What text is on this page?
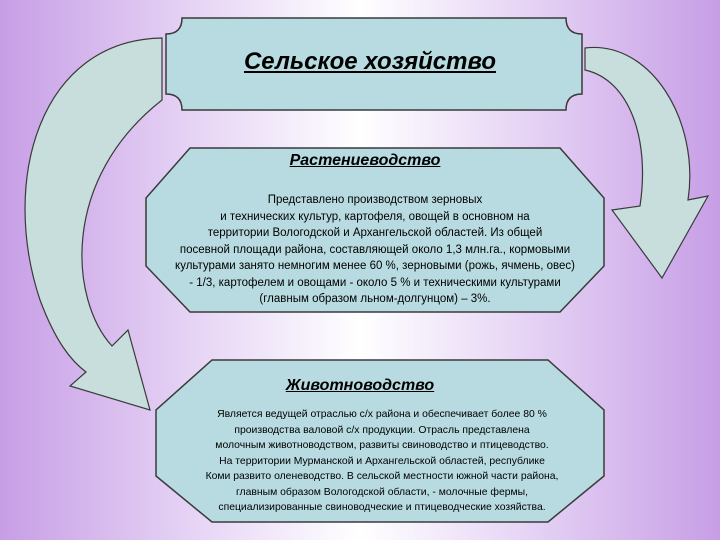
Сельское хозяйство
Растениеводство
Представлено производством зерновых
и технических культур, картофеля, овощей в основном на
территории Вологодской и Архангельской областей. Из общей
посевной площади района, составляющей около 1,3 млн.га., кормовыми
культурами занято немногим менее 60 %, зерновыми (рожь, ячмень, овес)
- 1/3, картофелем и овощами - около 5 % и техническими культурами
(главным образом льном-долгунцом) – 3%.
Животноводство
Является ведущей отраслью с/х района и обеспечивает более 80 %
производства валовой с/х продукции. Отрасль представлена
молочным животноводством, развиты свиноводство и птицеводство.
На территории Мурманской и Архангельской областей, республике
Коми развито оленеводство. В сельской местности южной части района,
главным образом Вологодской области, - молочные фермы,
специализированные свиноводческие и птицеводческие хозяйства.
